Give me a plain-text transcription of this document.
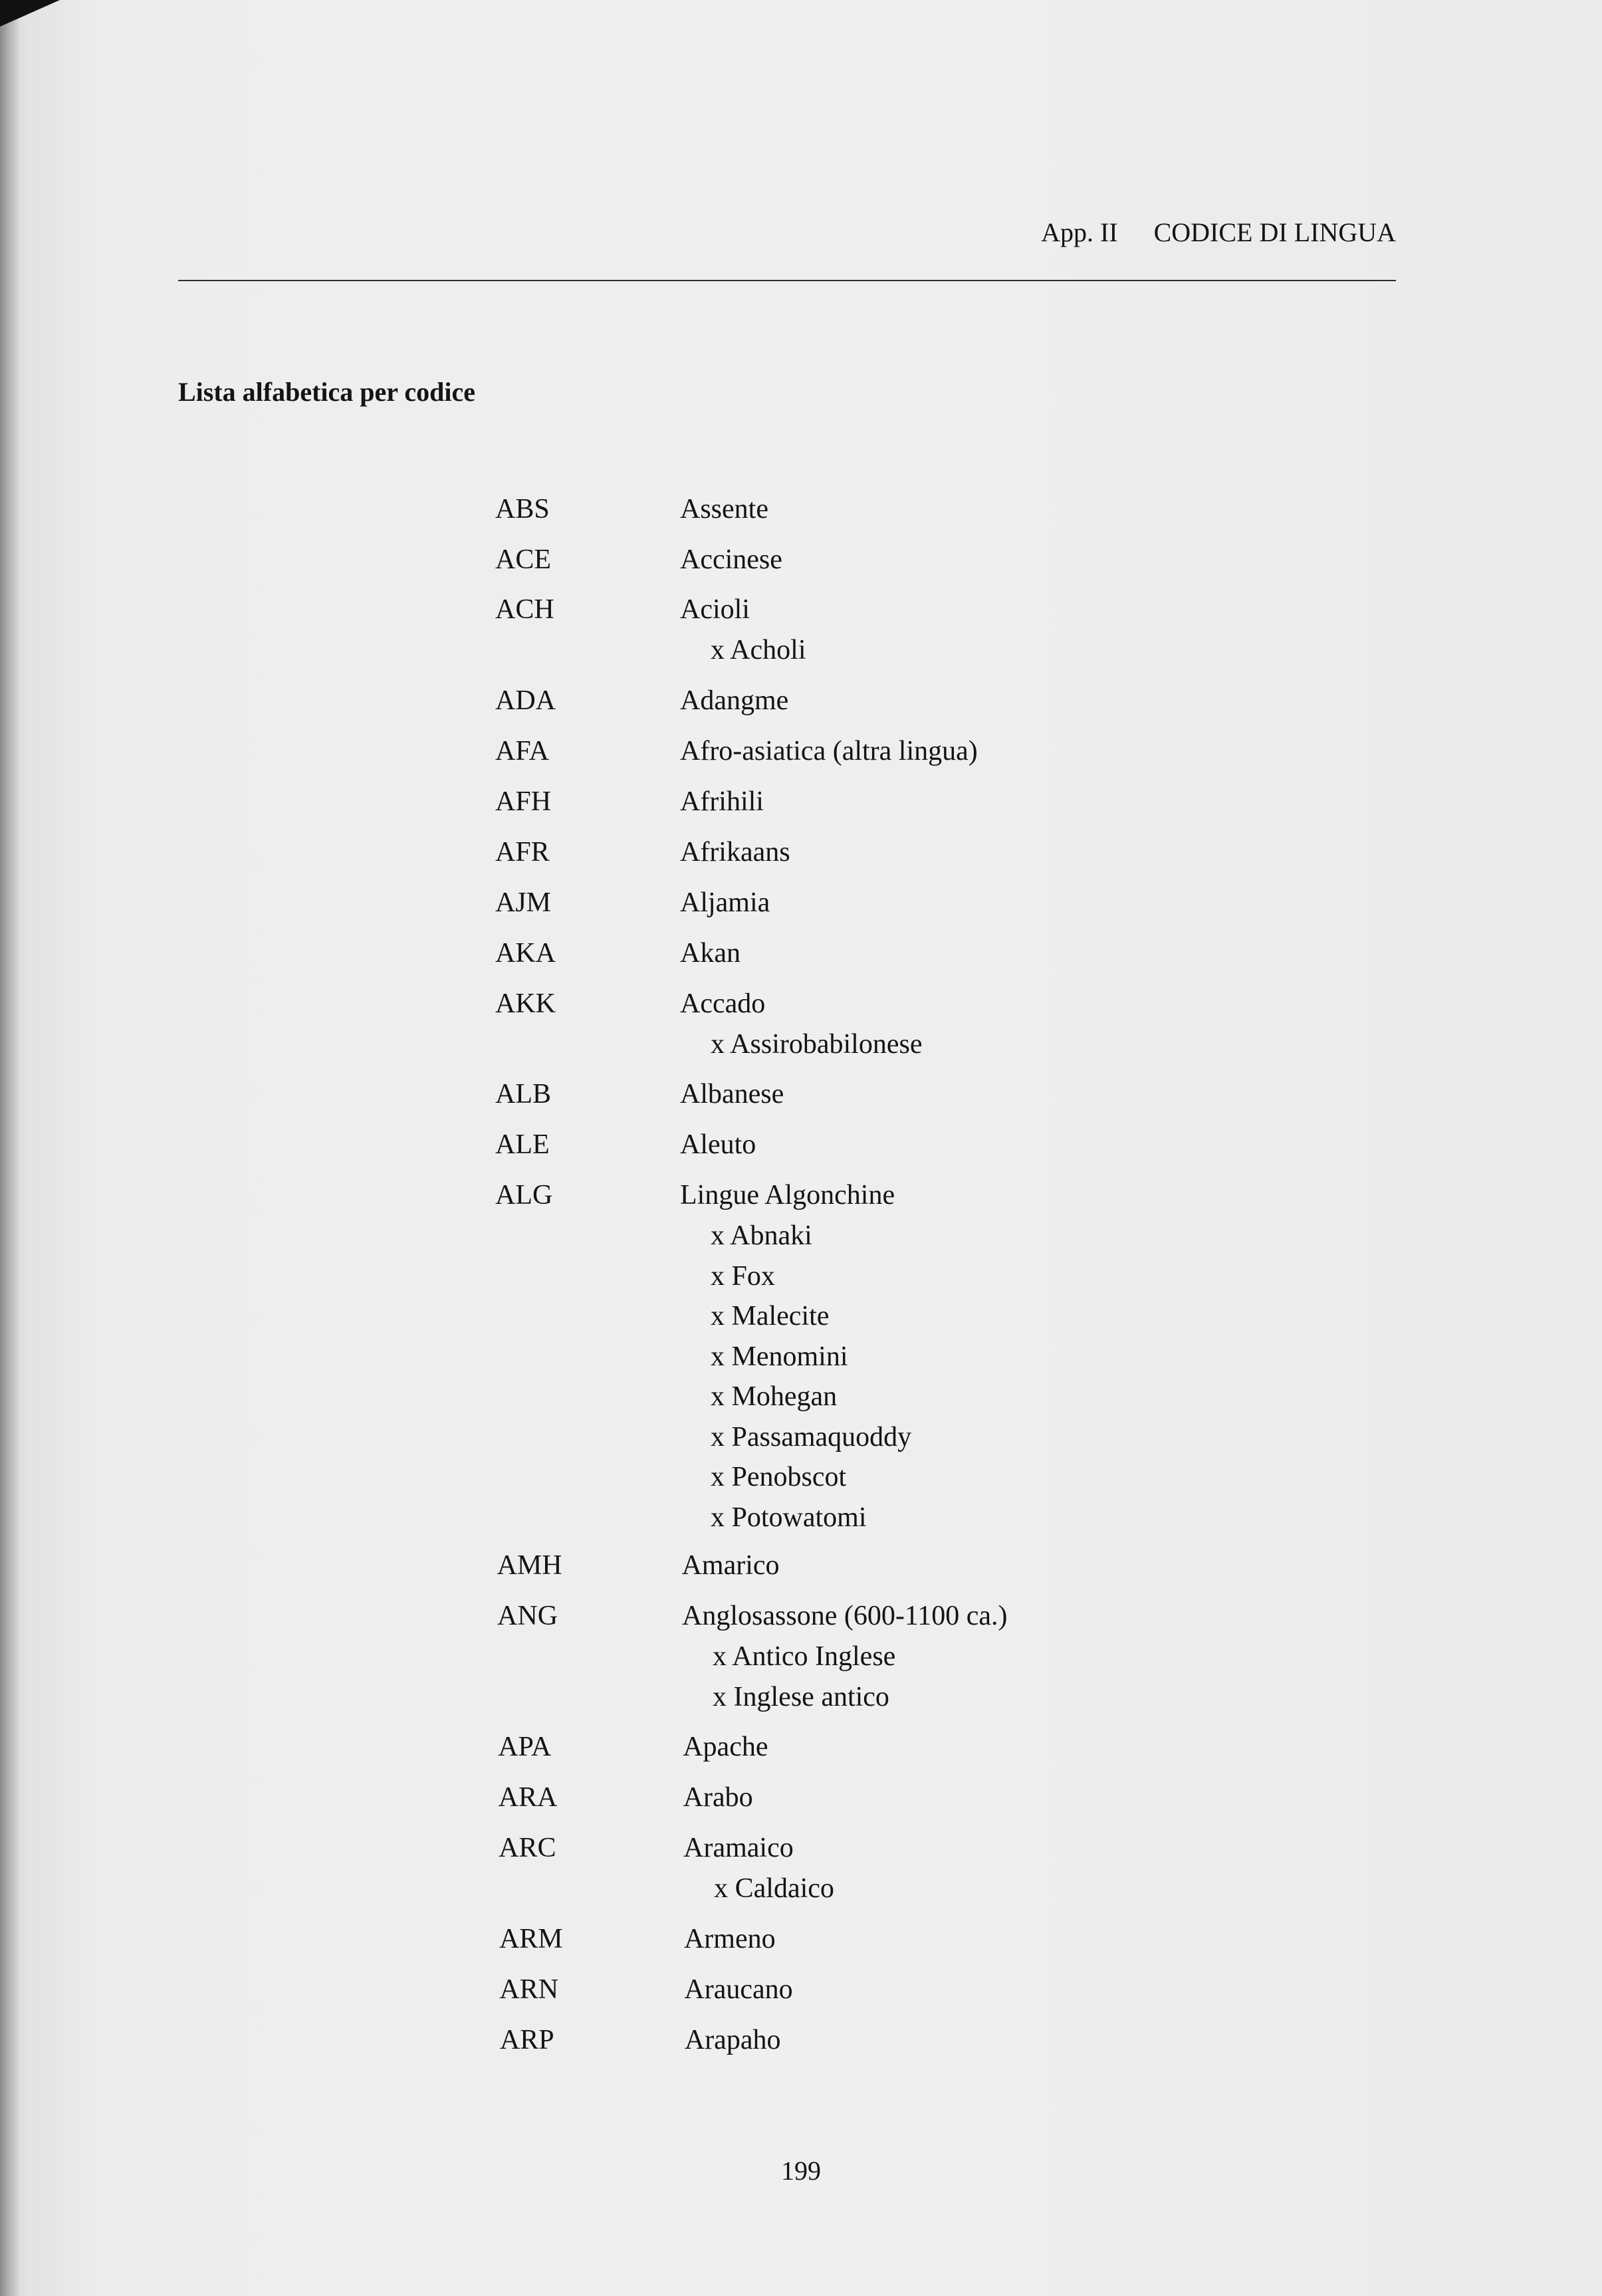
App. II CODICE DI LINGUA
Lista alfabetica per codice
ABS	Assente
ACE	Accinese
ACH	Acioli
x Acholi
ADA	Adangme
AFA	Afro-asiatica (altra lingua)
AFH	Afrihili
AFR	Afrikaans
AJM	Aljamia
AKA	Akan
AKK	Accado
x Assirobabilonese
ALB	Albanese
ALE	Aleuto
ALG	Lingue Algonchine
x Abnaki
x Fox
x Malecite
x Menomini
x Mohegan
x Passamaquoddy
x Penobscot
x Potowatomi
AMH	Amarico
ANG	Anglosassone (600-1100 ca.)
x Antico Inglese
x Inglese antico
APA	Apache
ARA	Arabo
ARC	Aramaico
x Caldaico
ARM	Armeno
ARN	Araucano
ARP	Arapaho
199
